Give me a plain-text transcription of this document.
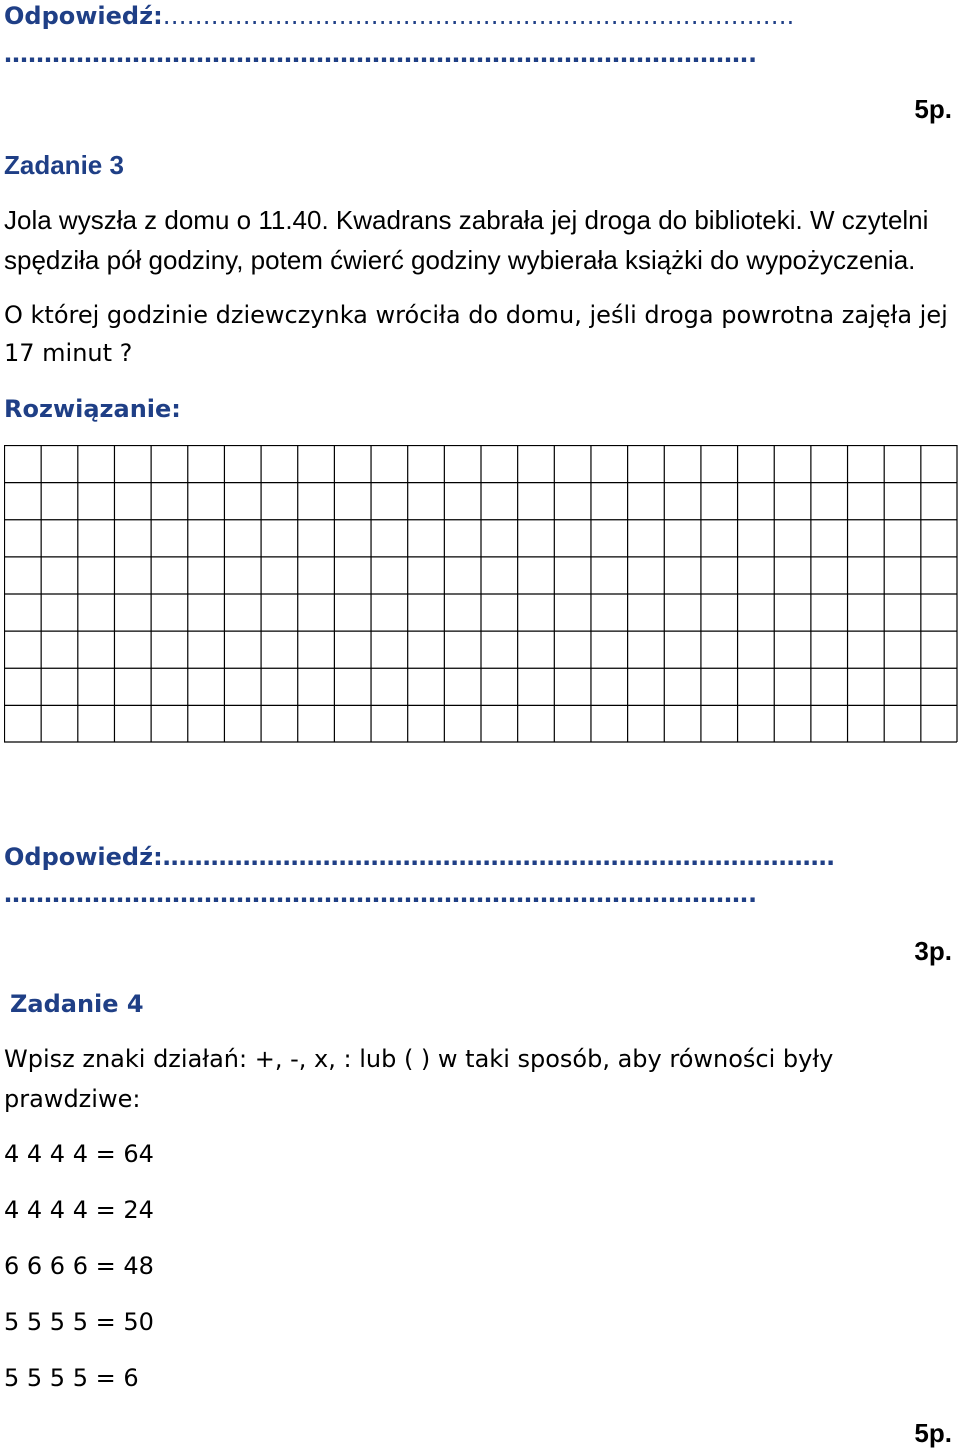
Odpowiedź:…………………………………………………………………….
………………………………………………………………………………….
5p.
Zadanie 3
Jola wyszła z domu o 11.40. Kwadrans zabrała jej droga do biblioteki. W czytelni
spędziła pół godziny, potem ćwierć godziny wybierała książki do wypożyczenia.
O której godzinie dziewczynka wróciła do domu, jeśli droga powrotna zajęła jej
17 minut ?
Rozwiązanie:
Odpowiedź:…………………………………………………………………………
………………………………………………………………………………….
3p.
Zadanie 4
Wpisz znaki działań: +, -, x, : lub ( ) w taki sposób, aby równości były
prawdziwe:
4 4 4 4 = 64
4 4 4 4 = 24
6 6 6 6 = 48
5 5 5 5 = 50
5 5 5 5 = 6
5p.
